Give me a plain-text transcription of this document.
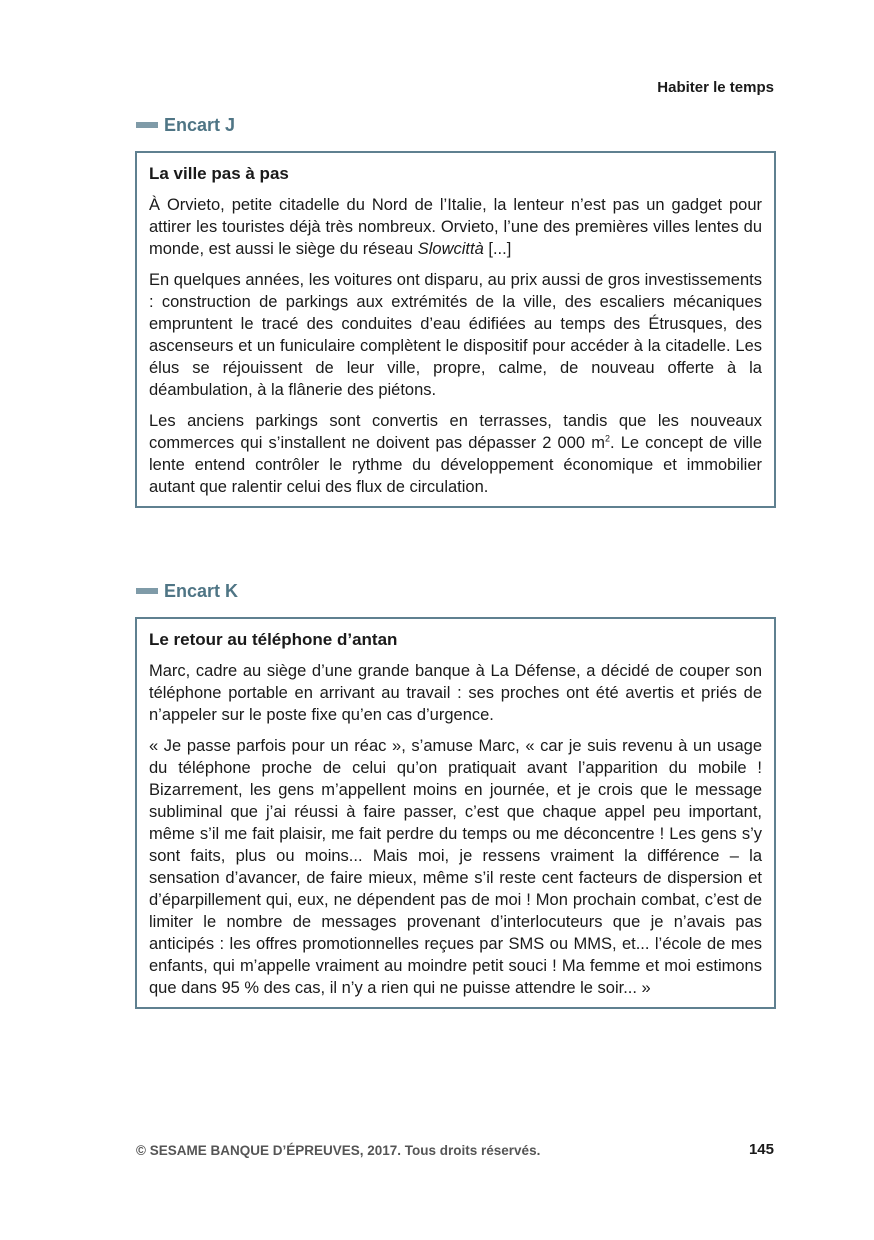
Habiter le temps
Encart J
La ville pas à pas

À Orvieto, petite citadelle du Nord de l’Italie, la lenteur n’est pas un gadget pour attirer les touristes déjà très nombreux. Orvieto, l’une des premières villes lentes du monde, est aussi le siège du réseau Slowcittà [...]

En quelques années, les voitures ont disparu, au prix aussi de gros investissements : construction de parkings aux extrémités de la ville, des escaliers mécaniques empruntent le tracé des conduites d’eau édifiées au temps des Étrusques, des ascenseurs et un funiculaire complètent le dispositif pour accéder à la citadelle. Les élus se réjouissent de leur ville, propre, calme, de nouveau offerte à la déambulation, à la flânerie des piétons.

Les anciens parkings sont convertis en terrasses, tandis que les nouveaux commerces qui s’installent ne doivent pas dépasser 2 000 $m^2$. Le concept de ville lente entend contrôler le rythme du développement économique et immobilier autant que ralentir celui des flux de circulation.

Encart K
Le retour au téléphone d’antan

Marc, cadre au siège d’une grande banque à La Défense, a décidé de couper son téléphone portable en arrivant au travail : ses proches ont été avertis et priés de n’appeler sur le poste fixe qu’en cas d’urgence.

« Je passe parfois pour un réac », s’amuse Marc, « car je suis revenu à un usage du téléphone proche de celui qu’on pratiquait avant l’apparition du mobile ! Bizarrement, les gens m’appellent moins en journée, et je crois que le message subliminal que j’ai réussi à faire passer, c’est que chaque appel peu important, même s’il me fait plaisir, me fait perdre du temps ou me déconcentre ! Les gens s’y sont faits, plus ou moins... Mais moi, je ressens vraiment la différence – la sensation d’avancer, de faire mieux, même s’il reste cent facteurs de dispersion et d’éparpillement qui, eux, ne dépendent pas de moi ! Mon prochain combat, c’est de limiter le nombre de messages provenant d’interlocuteurs que je n’avais pas anticipés : les offres promotionnelles reçues par SMS ou MMS, et... l’école de mes enfants, qui m’appelle vraiment au moindre petit souci ! Ma femme et moi estimons que dans 95 % des cas, il n’y a rien qui ne puisse attendre le soir... »

© SESAME BANQUE D’ÉPREUVES, 2017. Tous droits réservés.	145
